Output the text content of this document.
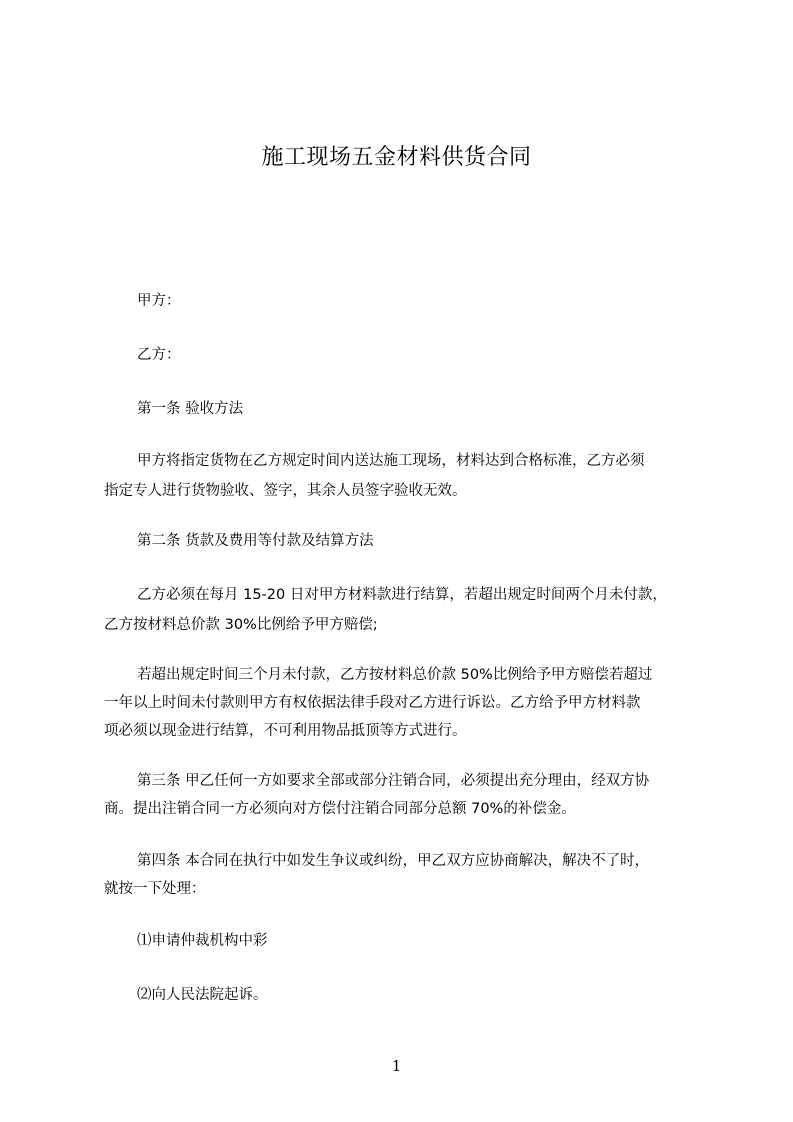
施工现场五金材料供货合同
甲方：
乙方：
第一条 验收方法
甲方将指定货物在乙方规定时间内送达施工现场，材料达到合格标准，乙方必须
指定专人进行货物验收、签字，其余人员签字验收无效。
第二条 货款及费用等付款及结算方法
乙方必须在每月 15-20 日对甲方材料款进行结算，若超出规定时间两个月未付款，
乙方按材料总价款 30%比例给予甲方赔偿;
若超出规定时间三个月未付款，乙方按材料总价款 50%比例给予甲方赔偿若超过
一年以上时间未付款则甲方有权依据法律手段对乙方进行诉讼。乙方给予甲方材料款
项必须以现金进行结算，不可利用物品抵顶等方式进行。
第三条 甲乙任何一方如要求全部或部分注销合同，必须提出充分理由，经双方协
商。提出注销合同一方必须向对方偿付注销合同部分总额 70%的补偿金。
第四条 本合同在执行中如发生争议或纠纷，甲乙双方应协商解决，解决不了时，
就按一下处理：
⑴申请仲裁机构中彩
⑵向人民法院起诉。
1
